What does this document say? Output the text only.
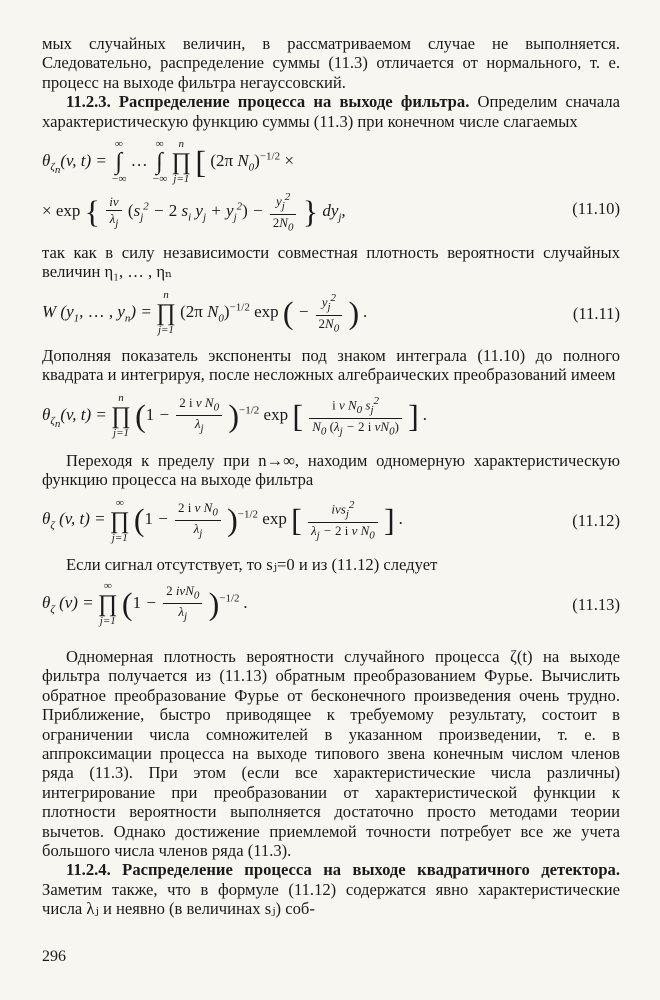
мых случайных величин, в рассматриваемом случае не выполняется. Следовательно, распределение суммы (11.3) отличается от нормального, т. е. процесс на выходе фильтра негауссовский.

11.2.3. Распределение процесса на выходе фильтра. Определим сначала характеристическую функцию суммы (11.3) при конечном числе слагаемых

$\theta_{\zeta_n}(v$, t) =
∞
∫
−∞
…
∞
∫
−∞

n
∏
j=1 [ (2π $N_0)^{-1/2}$ ×
× exp { $\frac{iv}{\lambda_j} (s_j^2 - 2$ $s_i$ $y_j + y_j^2) - \frac{y_j^2}{2N_0}$ } $dy_j$,	(11.10)

так как в силу независимости совместная плотность вероятности случайных величин η₁, … , ηₙ

W ($y_1$, … , $y_n$) =
n
∏
j=1
(2π $N_0)^{-1/2}$ exp ( − $\frac{y_j^2}{2N_0}$ ) .	(11.11)

Дополняя показатель экспоненты под знаком интеграла (11.10) до полного квадрата и интегрируя, после несложных алгебраических преобразований имеем

$\theta_{\zeta_n}(v$, t) =
n
∏
j=1 $(1 - \frac{2 i v N_0}{\lambda_j} )^{-1/2}$ exp [ $\frac{i v N_0 s_j^2}{N_0 (\lambda_j - 2 i vN_0)}$ ] .

Переходя к пределу при n→∞, находим одномерную характеристическую функцию процесса на выходе фильтра

$\theta_\zeta$ (v, t) =
∞
∏
j=1 $(1 - \frac{2 i v N_0}{\lambda_j} )^{-1/2}$ exp [ $\frac{ivs_j^2}{\lambda_j - 2 i v N_0}$ ] .	(11.12)

Если сигнал отсутствует, то sⱼ=0 и из (11.12) следует

$\theta_\zeta$ (v) =
∞
∏
j=1 $(1 - \frac{2 ivN_0}{\lambda_j} )^{-1/2}$ .	(11.13)

Одномерная плотность вероятности случайного процесса ζ(t) на выходе фильтра получается из (11.13) обратным преобразованием Фурье. Вычислить обратное преобразование Фурье от бесконечного произведения очень трудно. Приближение, быстро приводящее к требуемому результату, состоит в ограничении числа сомножителей в указанном произведении, т. е. в аппроксимации процесса на выходе типового звена конечным числом членов ряда (11.3). При этом (если все характеристические числа различны) интегрирование при преобразовании от характеристической функции к плотности вероятности выполняется достаточно просто методами теории вычетов. Однако достижение приемлемой точности потребует все же учета большого числа членов ряда (11.3).

11.2.4. Распределение процесса на выходе квадратичного детектора. Заметим также, что в формуле (11.12) содержатся явно характеристические числа λⱼ и неявно (в величинах sⱼ) соб-

296
